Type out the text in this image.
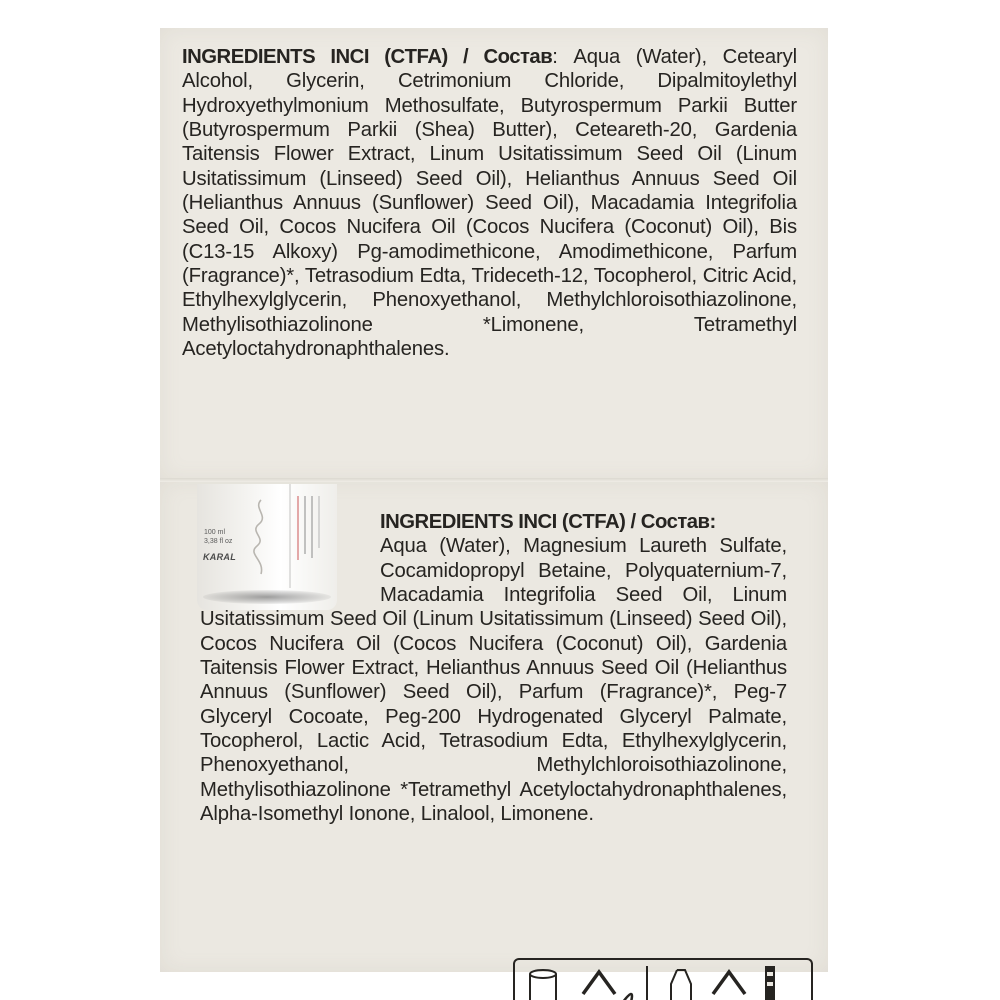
INGREDIENTS INCI (CTFA) / Состав: Aqua (Water), Cetearyl Alcohol, Glycerin, Cetrimonium Chloride, Dipalmitoylethyl Hydroxyethylmonium Methosulfate, Butyrospermum Parkii Butter (Butyrospermum Parkii (Shea) Butter), Ceteareth-20, Gardenia Taitensis Flower Extract, Linum Usitatissimum Seed Oil (Linum Usitatissimum (Linseed) Seed Oil), Helianthus Annuus Seed Oil (Helianthus Annuus (Sunflower) Seed Oil), Macadamia Integrifolia Seed Oil, Cocos Nucifera Oil (Cocos Nucifera (Coconut) Oil), Bis (C13-15 Alkoxy) Pg-amodimethicone, Amodimethicone, Parfum (Fragrance)*, Tetrasodium Edta, Trideceth-12, Tocopherol, Citric Acid, Ethylhexylglycerin, Phenoxyethanol, Methylchloroisothiazolinone, Methylisothiazolinone *Limonene, Tetramethyl Acetyloctahydronaphthalenes.

100 ml
3,38 fl oz
KARAL
INGREDIENTS INCI (CTFA) / Состав:
Aqua (Water), Magnesium Laureth Sulfate, Cocamidopropyl Betaine, Polyquaternium-7, Macadamia Integrifolia Seed Oil, Linum Usitatissimum Seed Oil (Linum Usitatissimum (Linseed) Seed Oil), Cocos Nucifera Oil (Cocos Nucifera (Coconut) Oil), Gardenia Taitensis Flower Extract, Helianthus Annuus Seed Oil (Helianthus Annuus (Sunflower) Seed Oil), Parfum (Fragrance)*, Peg-7 Glyceryl Cocoate, Peg-200 Hydrogenated Glyceryl Palmate, Tocopherol, Lactic Acid, Tetrasodium Edta, Ethylhexylglycerin, Phenoxyethanol, Methylchloroisothiazolinone, Methylisothiazolinone *Tetramethyl Acetyloctahydronaphthalenes, Alpha-Isomethyl Ionone, Linalool, Limonene.
